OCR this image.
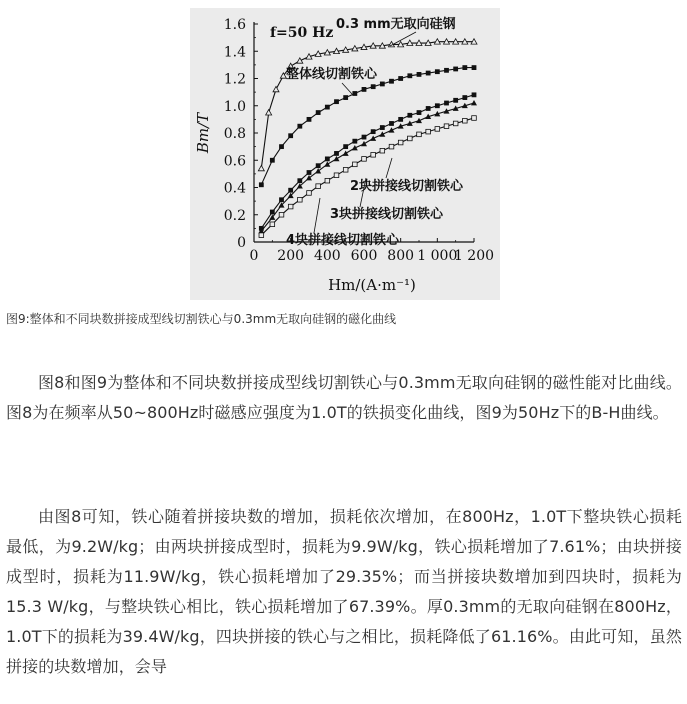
0
0.2
0.4
0.6
0.8
1.0
1.2
1.4
1.6
0 200 400 600 800 1 000
1 200
Bm/T
Hm/(A·m⁻¹)
f=50 Hz
0.3 mm无取向硅钢
整体线切割铁心
2块拼接线切割铁心
3块拼接线切割铁心
4块拼接线切割铁心
图9:整体和不同块数拼接成型线切割铁心与0.3mm无取向硅钢的磁化曲线

图8和图9为整体和不同块数拼接成型线切割铁心与0.3mm无取向硅钢的磁性能对比曲线。图8为在频率从50~800Hz时磁感应强度为1.0T的铁损变化曲线，图9为50Hz下的B-H曲线。

由图8可知，铁心随着拼接块数的增加，损耗依次增加，在800Hz，1.0T下整块铁心损耗最低，为9.2W/kg；由两块拼接成型时，损耗为9.9W/kg，铁心损耗增加了7.61%；由块拼接成型时，损耗为11.9W/kg，铁心损耗增加了29.35%；而当拼接块数增加到四块时，损耗为15.3 W/kg，与整块铁心相比，铁心损耗增加了67.39%。厚0.3mm的无取向硅钢在800Hz，1.0T下的损耗为39.4W/kg，四块拼接的铁心与之相比，损耗降低了61.16%。由此可知，虽然拼接的块数增加，会导
